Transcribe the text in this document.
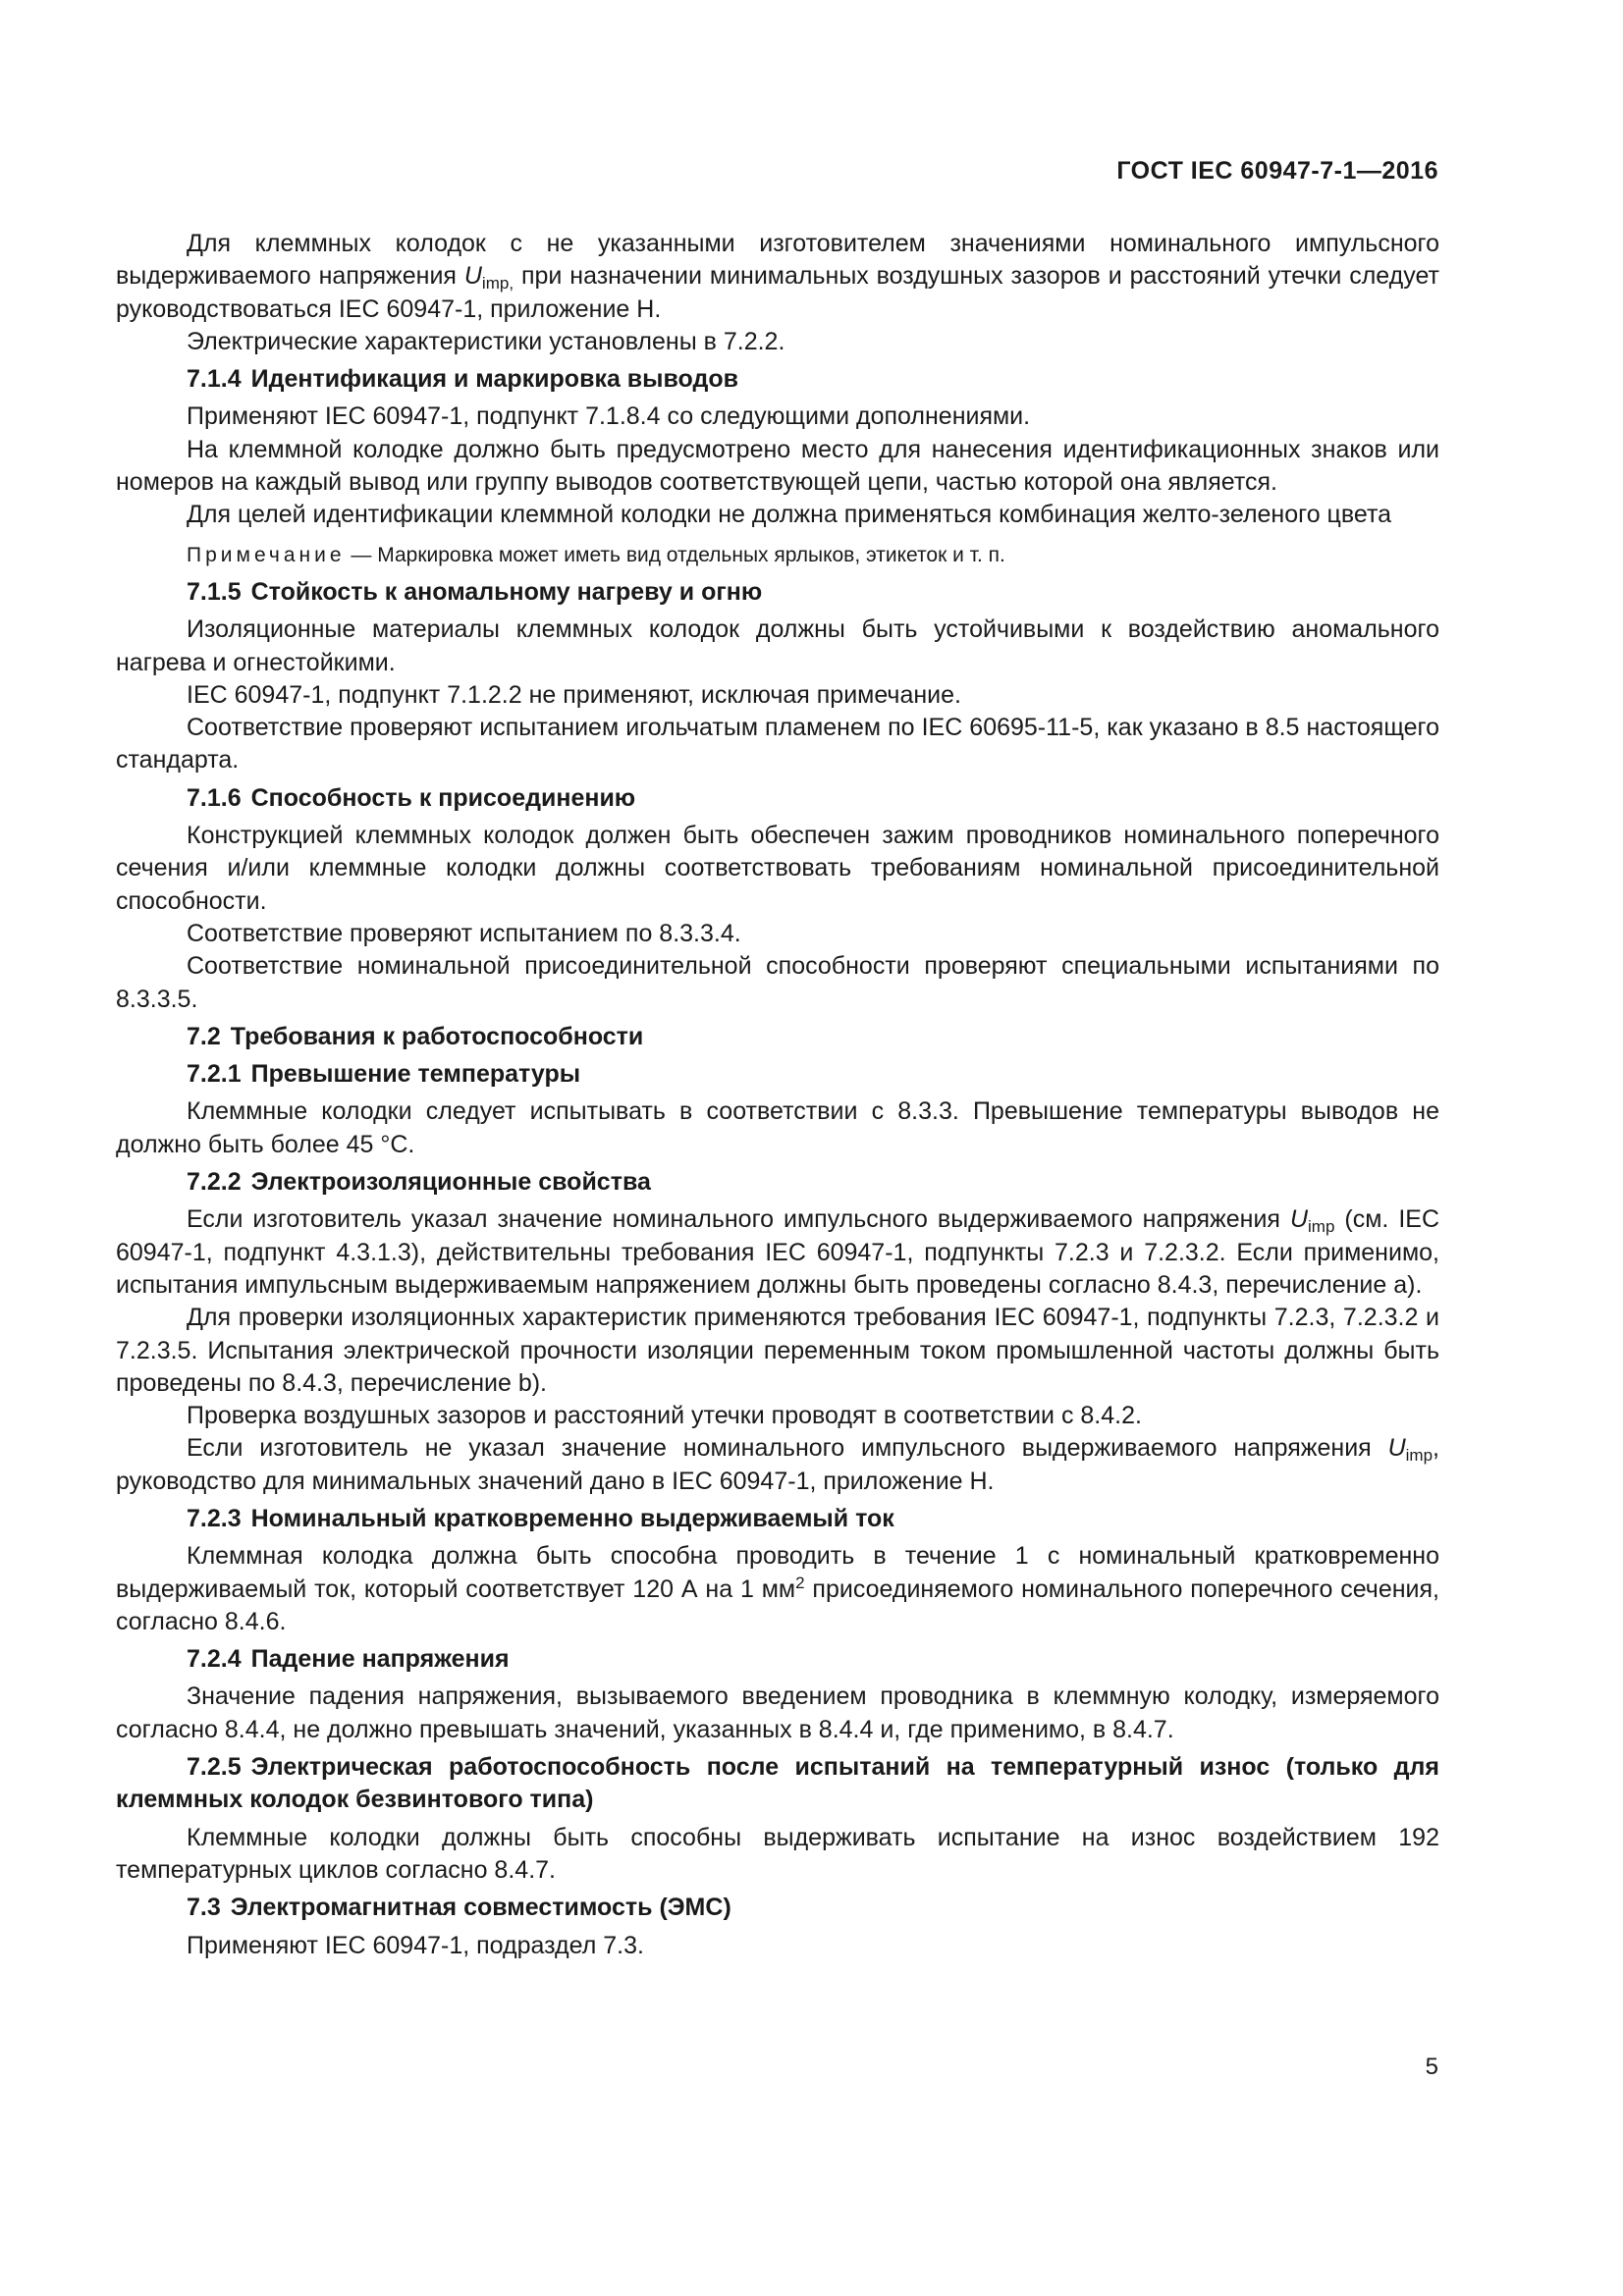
ГОСТ IEC 60947-7-1—2016

Для клеммных колодок с не указанными изготовителем значениями номинального импульсного выдерживаемого напряжения $U_{imp,}$ при назначении минимальных воздушных зазоров и расстояний утечки следует руководствоваться IEC 60947-1, приложение H.

Электрические характеристики установлены в 7.2.2.

7.1.4 Идентификация и маркировка выводов

Применяют IEC 60947-1, подпункт 7.1.8.4 со следующими дополнениями.

На клеммной колодке должно быть предусмотрено место для нанесения идентификационных знаков или номеров на каждый вывод или группу выводов соответствующей цепи, частью которой она является.

Для целей идентификации клеммной колодки не должна применяться комбинация желто-зеленого цвета

Примечание — Маркировка может иметь вид отдельных ярлыков, этикеток и т. п.
7.1.5 Стойкость к аномальному нагреву и огню

Изоляционные материалы клеммных колодок должны быть устойчивыми к воздействию аномального нагрева и огнестойкими.

IEC 60947-1, подпункт 7.1.2.2 не применяют, исключая примечание.

Соответствие проверяют испытанием игольчатым пламенем по IEC 60695-11-5, как указано в 8.5 настоящего стандарта.

7.1.6 Способность к присоединению

Конструкцией клеммных колодок должен быть обеспечен зажим проводников номинального поперечного сечения и/или клеммные колодки должны соответствовать требованиям номинальной присоединительной способности.

Соответствие проверяют испытанием по 8.3.3.4.

Соответствие номинальной присоединительной способности проверяют специальными испытаниями по 8.3.3.5.

7.2 Требования к работоспособности
7.2.1 Превышение температуры

Клеммные колодки следует испытывать в соответствии с 8.3.3. Превышение температуры выводов не должно быть более 45 °C.

7.2.2 Электроизоляционные свойства

Если изготовитель указал значение номинального импульсного выдерживаемого напряжения $U_{imp}$ (см. IEC 60947-1, подпункт 4.3.1.3), действительны требования IEC 60947-1, подпункты 7.2.3 и 7.2.3.2. Если применимо, испытания импульсным выдерживаемым напряжением должны быть проведены согласно 8.4.3, перечисление a).

Для проверки изоляционных характеристик применяются требования IEC 60947-1, подпункты 7.2.3, 7.2.3.2 и 7.2.3.5. Испытания электрической прочности изоляции переменным током промышленной частоты должны быть проведены по 8.4.3, перечисление b).

Проверка воздушных зазоров и расстояний утечки проводят в соответствии с 8.4.2.

Если изготовитель не указал значение номинального импульсного выдерживаемого напряжения $U_{imp}$, руководство для минимальных значений дано в IEC 60947-1, приложение H.

7.2.3 Номинальный кратковременно выдерживаемый ток

Клеммная колодка должна быть способна проводить в течение 1 с номинальный кратковременно выдерживаемый ток, который соответствует 120 А на 1 $мм^2$ присоединяемого номинального поперечного сечения, согласно 8.4.6.

7.2.4 Падение напряжения

Значение падения напряжения, вызываемого введением проводника в клеммную колодку, измеряемого согласно 8.4.4, не должно превышать значений, указанных в 8.4.4 и, где применимо, в 8.4.7.

7.2.5 Электрическая работоспособность после испытаний на температурный износ (только для клеммных колодок безвинтового типа)

Клеммные колодки должны быть способны выдерживать испытание на износ воздействием 192 температурных циклов согласно 8.4.7.

7.3 Электромагнитная совместимость (ЭМС)

Применяют IEC 60947-1, подраздел 7.3.

5
